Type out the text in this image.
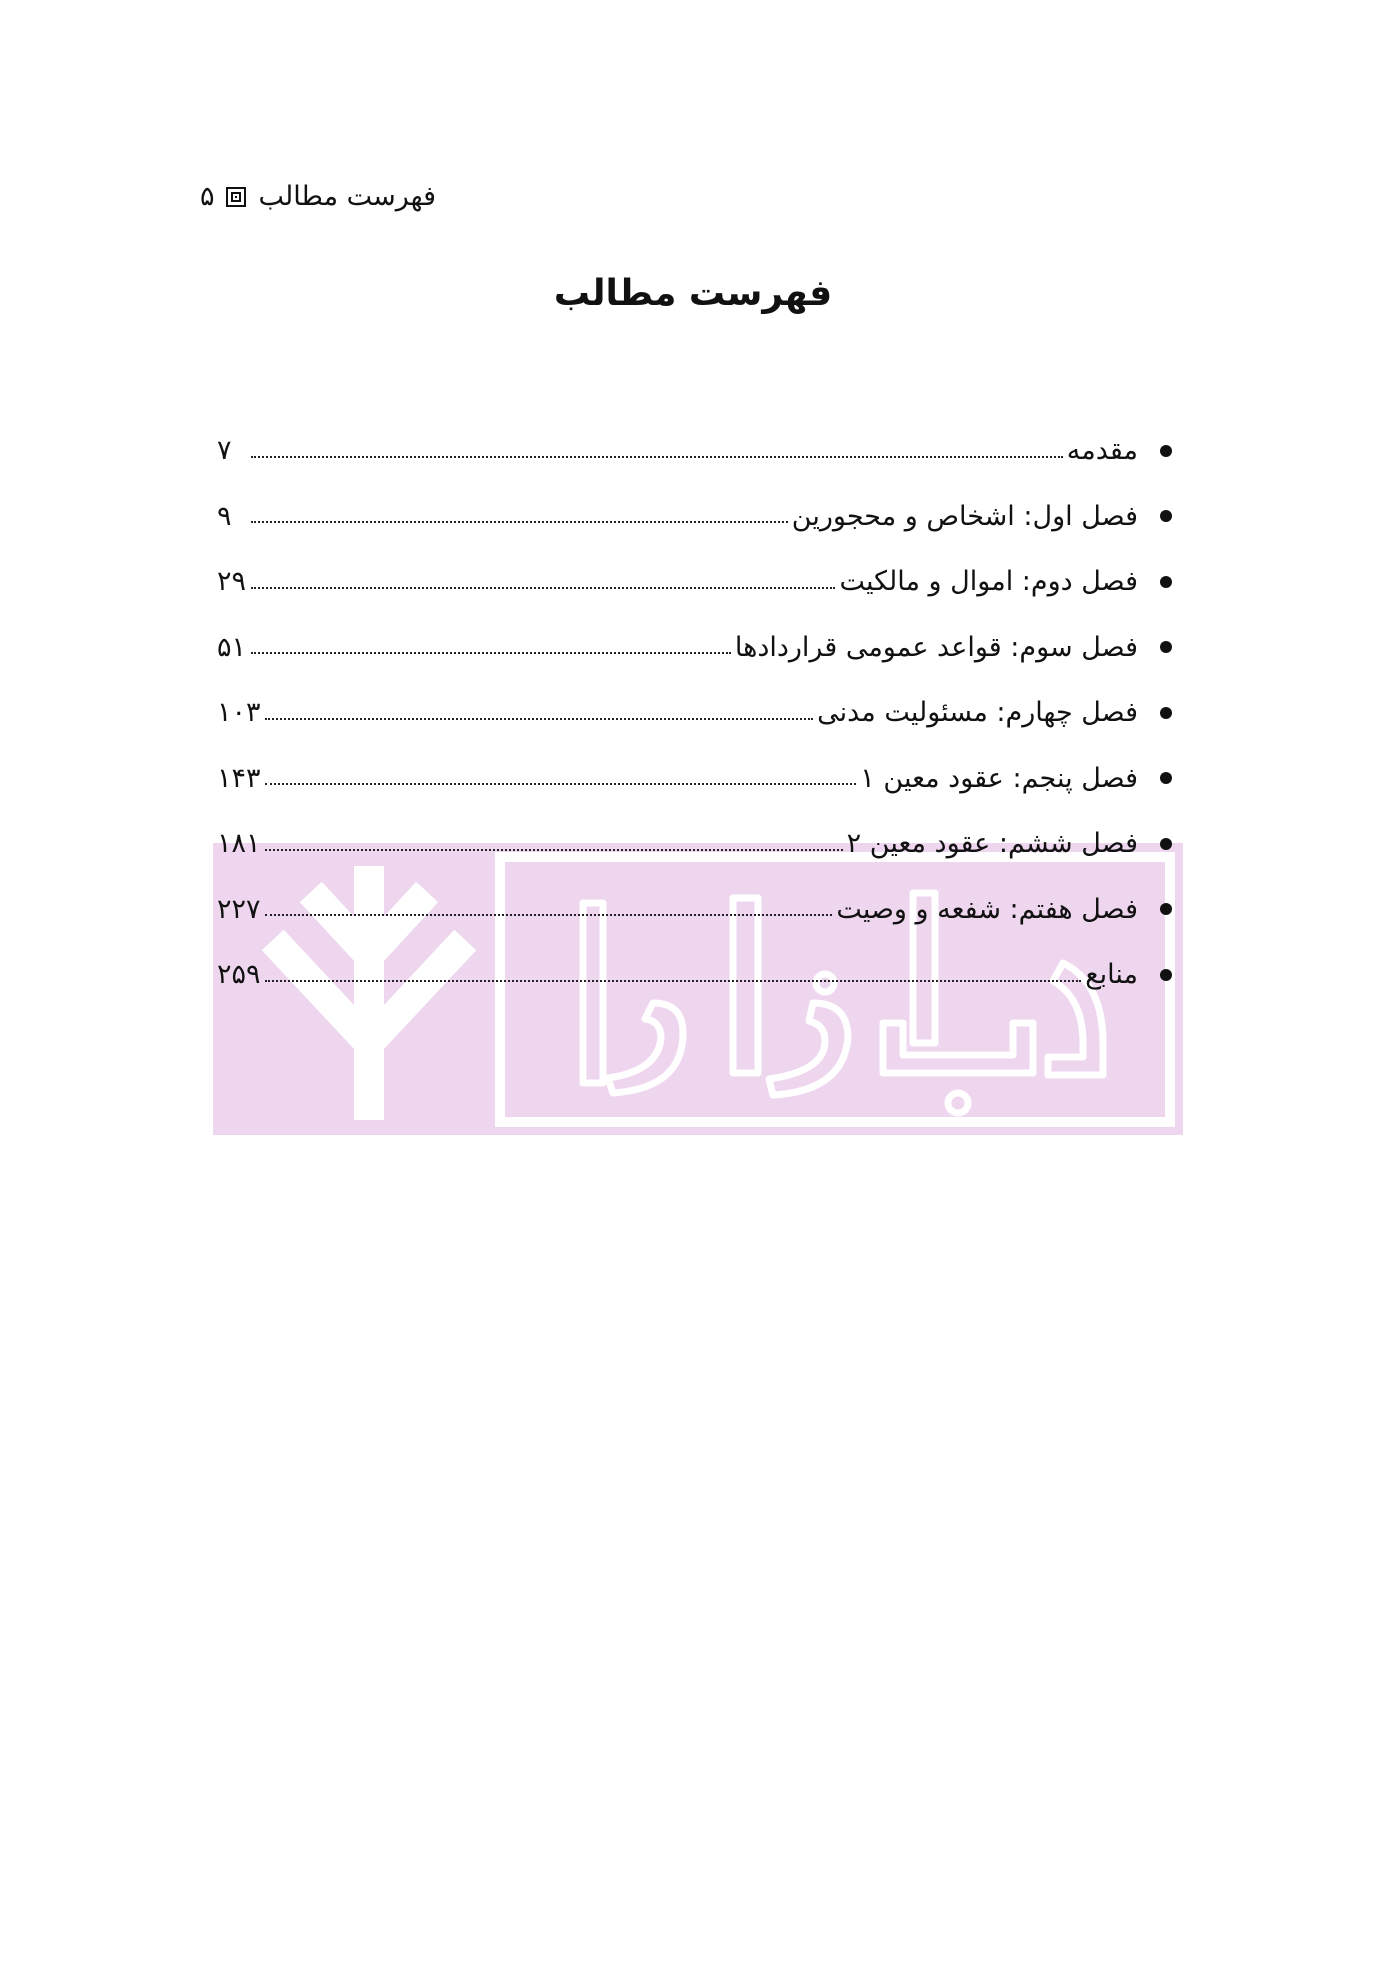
فهرست مطالب
۵
فهرست مطالب
مقدمه
۷
فصل اول: اشخاص و محجورین
۹
فصل دوم: اموال و مالکیت
۲۹
فصل سوم: قواعد عمومی قراردادها
۵۱
فصل چهارم: مسئولیت مدنی
۱۰۳
فصل پنجم: عقود معین ۱
۱۴۳
فصل ششم: عقود معین ۲
۱۸۱
فصل هفتم: شفعه و وصیت
۲۲۷
منابع
۲۵۹
